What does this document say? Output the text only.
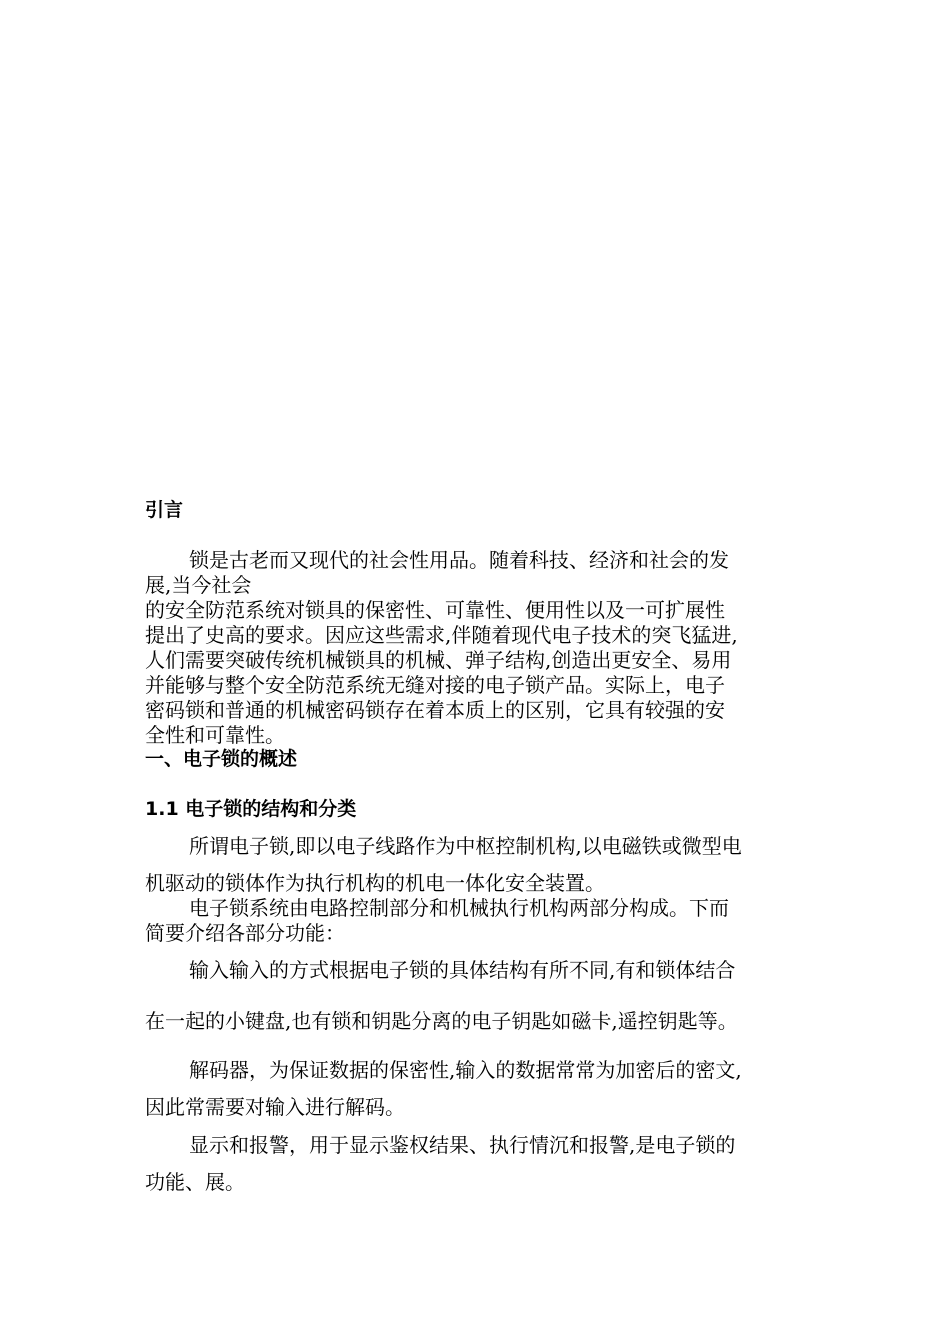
引言
锁是古老而又现代的社会性用品。随着科技、经济和社会的发
展,当今社会
的安全防范系统对锁具的保密性、可靠性、便用性以及一可扩展性
提出了史高的要求。因应这些需求,伴随着现代电子技术的突飞猛进,
人们需要突破传统机械锁具的机械、弹子结构,创造出更安全、易用
并能够与整个安全防范系统无缝对接的电子锁产品。实际上，电子
密码锁和普通的机械密码锁存在着本质上的区别，它具有较强的安
全性和可靠性。
一、电子锁的概述
1.1 电子锁的结构和分类
所谓电子锁,即以电子线路作为中枢控制机构,以电磁铁或微型电
机驱动的锁体作为执行机构的机电一体化安全装置。
电子锁系统由电路控制部分和机械执行机构两部分构成。下而
简要介绍各部分功能：
输入输入的方式根据电子锁的具体结构有所不同,有和锁体结合
在一起的小键盘,也有锁和钥匙分离的电子钥匙如磁卡,遥控钥匙等。
解码器，为保证数据的保密性,输入的数据常常为加密后的密文,
因此常需要对输入进行解码。
显示和报警，用于显示鉴权结果、执行情沉和报警,是电子锁的
功能、展。
